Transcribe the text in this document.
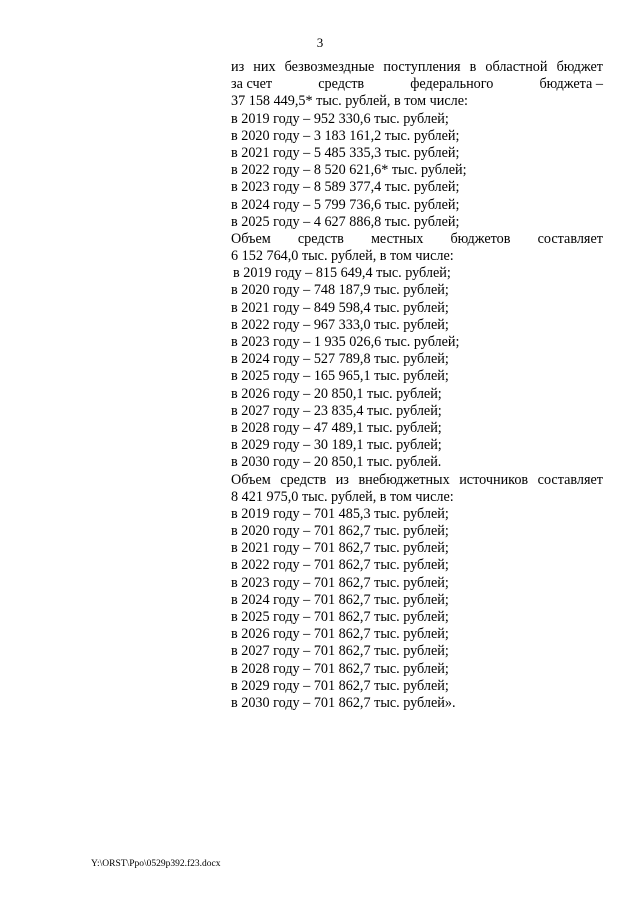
3
из них безвозмездные поступления в областной бюджет
за счет	средств	федерального	бюджета –
37 158 449,5* тыс. рублей, в том числе:
в 2019 году – 952 330,6 тыс. рублей;
в 2020 году – 3 183 161,2 тыс. рублей;
в 2021 году – 5 485 335,3 тыс. рублей;
в 2022 году – 8 520 621,6* тыс. рублей;
в 2023 году – 8 589 377,4 тыс. рублей;
в 2024 году – 5 799 736,6 тыс. рублей;
в 2025 году – 4 627 886,8 тыс. рублей;
Объем средств местных бюджетов составляет
6 152 764,0 тыс. рублей, в том числе:
в 2019 году – 815 649,4 тыс. рублей;
в 2020 году – 748 187,9 тыс. рублей;
в 2021 году – 849 598,4 тыс. рублей;
в 2022 году – 967 333,0 тыс. рублей;
в 2023 году – 1 935 026,6 тыс. рублей;
в 2024 году – 527 789,8 тыс. рублей;
в 2025 году – 165 965,1 тыс. рублей;
в 2026 году – 20 850,1 тыс. рублей;
в 2027 году – 23 835,4 тыс. рублей;
в 2028 году – 47 489,1 тыс. рублей;
в 2029 году – 30 189,1 тыс. рублей;
в 2030 году – 20 850,1 тыс. рублей.
Объем средств из внебюджетных источников составляет
8 421 975,0 тыс. рублей, в том числе:
в 2019 году – 701 485,3 тыс. рублей;
в 2020 году – 701 862,7 тыс. рублей;
в 2021 году – 701 862,7 тыс. рублей;
в 2022 году – 701 862,7 тыс. рублей;
в 2023 году – 701 862,7 тыс. рублей;
в 2024 году – 701 862,7 тыс. рублей;
в 2025 году – 701 862,7 тыс. рублей;
в 2026 году – 701 862,7 тыс. рублей;
в 2027 году – 701 862,7 тыс. рублей;
в 2028 году – 701 862,7 тыс. рублей;
в 2029 году – 701 862,7 тыс. рублей;
в 2030 году – 701 862,7 тыс. рублей».
Y:\ORST\Ppo\0529p392.f23.docx
